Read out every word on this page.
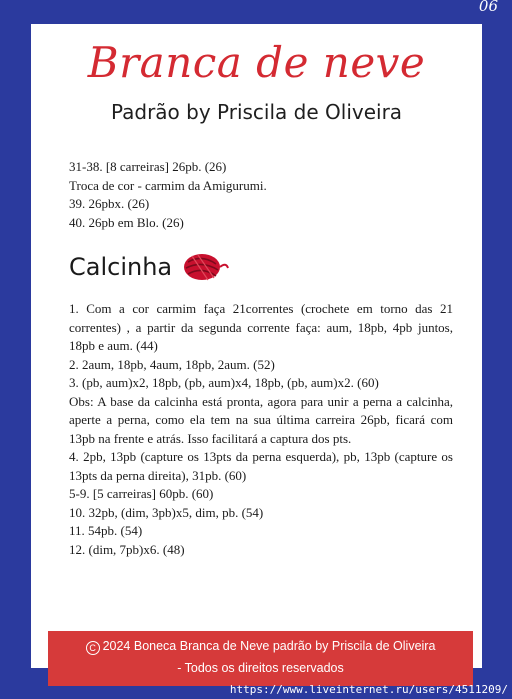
06
Branca de neve
Padrão by Priscila de Oliveira

31-38. [8 carreiras] 26pb. (26)

Troca de cor - carmim da Amigurumi.

39. 26pbx. (26)

40. 26pb em Blo. (26)

Calcinha

1. Com a cor carmim faça 21correntes (crochete em torno das 21 correntes) , a partir da segunda corrente faça: aum, 18pb, 4pb juntos, 18pb e aum. (44)

2. 2aum, 18pb, 4aum, 18pb, 2aum. (52)

3. (pb, aum)x2, 18pb, (pb, aum)x4, 18pb, (pb, aum)x2. (60)

Obs: A base da calcinha está pronta, agora para unir a perna a calcinha, aperte a perna, como ela tem na sua última carreira 26pb, ficará com 13pb na frente e atrás. Isso facilitará a captura dos pts.

4. 2pb, 13pb (capture os 13pts da perna esquerda), pb, 13pb (capture os 13pts da perna direita), 31pb. (60)

5-9. [5 carreiras] 60pb. (60)

10. 32pb, (dim, 3pb)x5, dim, pb. (54)

11. 54pb. (54)

12. (dim, 7pb)x6. (48)

C 2024 Boneca Branca de Neve padrão by Priscila de Oliveira
- Todos os direitos reservados
https://www.liveinternet.ru/users/4511209/
